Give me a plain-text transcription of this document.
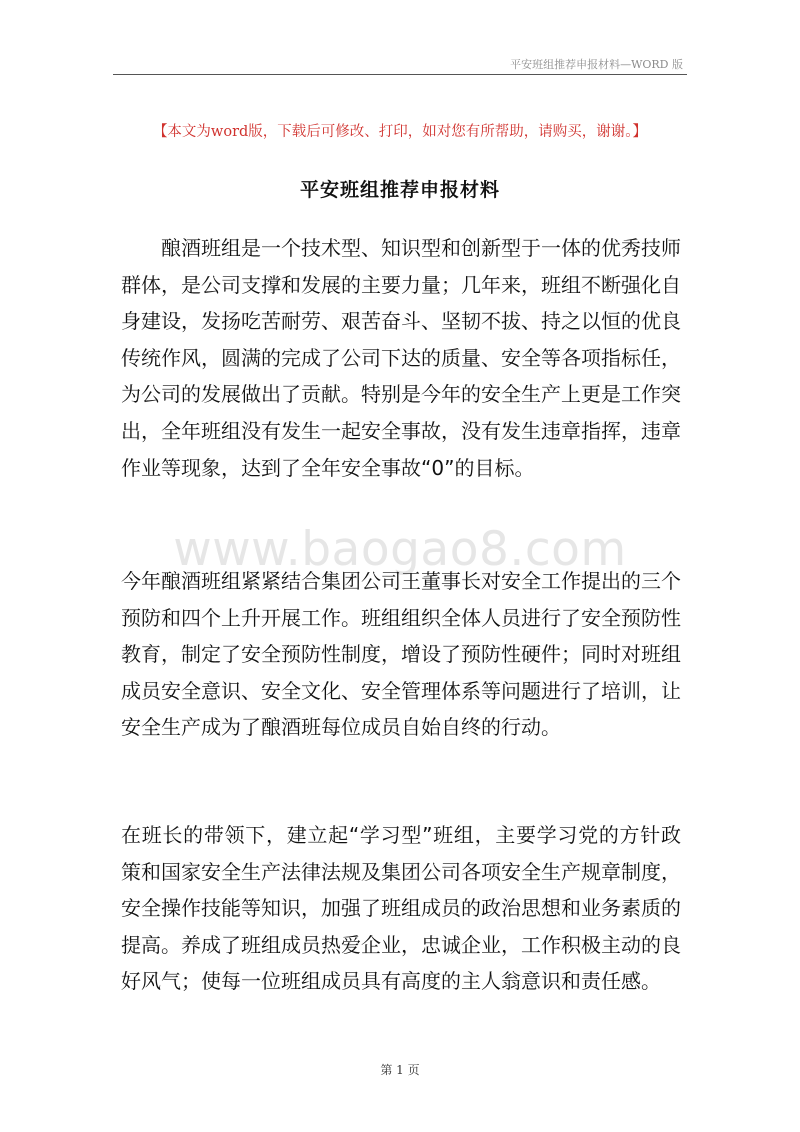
平安班组推荐申报材料—WORD 版
【本文为word版，下载后可修改、打印，如对您有所帮助，请购买，谢谢。】
平安班组推荐申报材料

酿酒班组是一个技术型、知识型和创新型于一体的优秀技师群体，是公司支撑和发展的主要力量；几年来，班组不断强化自身建设，发扬吃苦耐劳、艰苦奋斗、坚韧不拔、持之以恒的优良传统作风，圆满的完成了公司下达的质量、安全等各项指标任，为公司的发展做出了贡献。特别是今年的安全生产上更是工作突出，全年班组没有发生一起安全事故，没有发生违章指挥，违章作业等现象，达到了全年安全事故“0”的目标。

www.baogao8.com

今年酿酒班组紧紧结合集团公司王董事长对安全工作提出的三个预防和四个上升开展工作。班组组织全体人员进行了安全预防性教育，制定了安全预防性制度，增设了预防性硬件；同时对班组成员安全意识、安全文化、安全管理体系等问题进行了培训，让安全生产成为了酿酒班每位成员自始自终的行动。

在班长的带领下，建立起“学习型”班组，主要学习党的方针政策和国家安全生产法律法规及集团公司各项安全生产规章制度，安全操作技能等知识，加强了班组成员的政治思想和业务素质的提高。养成了班组成员热爱企业，忠诚企业，工作积极主动的良好风气；使每一位班组成员具有高度的主人翁意识和责任感。

第 1 页
